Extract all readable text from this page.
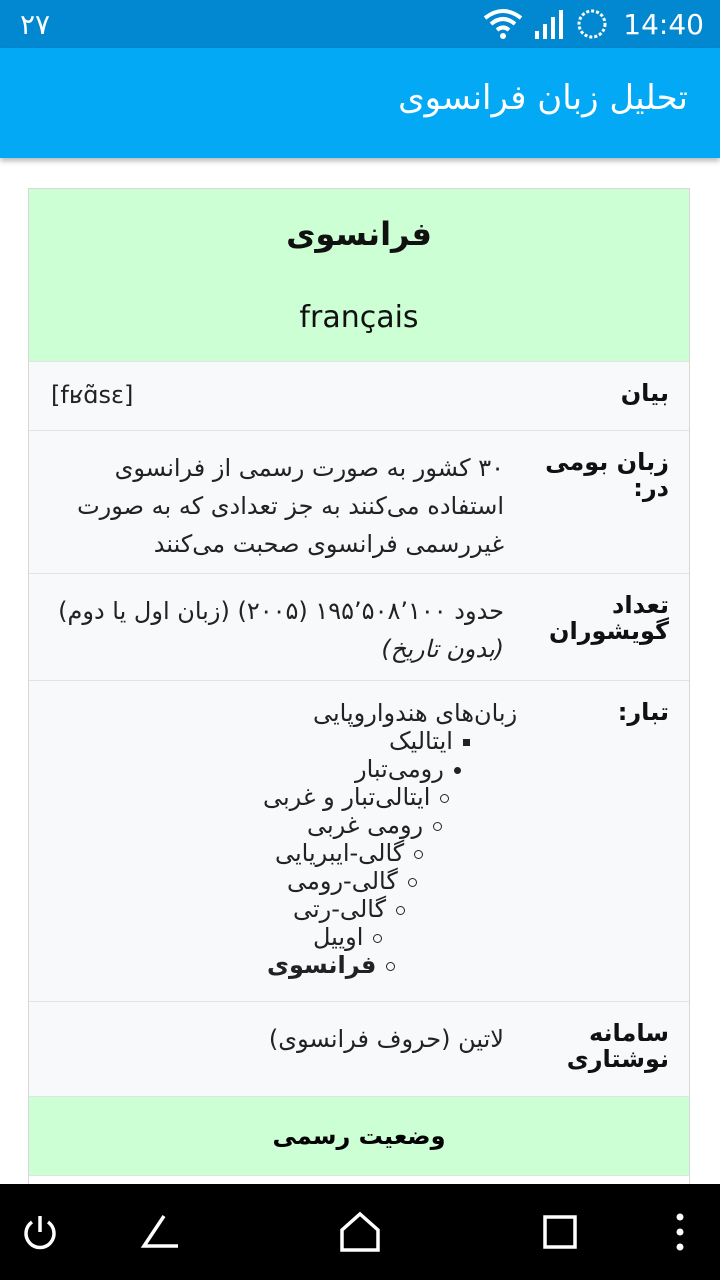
۲۷	14:40
تحلیل زبان فرانسوی
فرانسوی
français
بیان
[fʁɑ̃sɛ]
زبان بومی در:
۳۰ کشور به صورت رسمی از فرانسوی استفاده می‌کنند به جز تعدادی که به صورت غیررسمی فرانسوی صحبت می‌کنند
تعداد گویشوران
حدود ۱۹۵٬۵۰۸٬۱۰۰ (۲۰۰۵) (زبان اول یا دوم)
(بدون تاریخ)
تبار:
زبان‌های هندواروپایی
ایتالیک
رومی‌تبار
ایتالی‌تبار و غربی
رومی غربی
گالی-ایبریایی
گالی-رومی
گالی-رتی
اوییل
فرانسوی
سامانه نوشتاری
لاتین (حروف فرانسوی)
وضعیت رسمی
